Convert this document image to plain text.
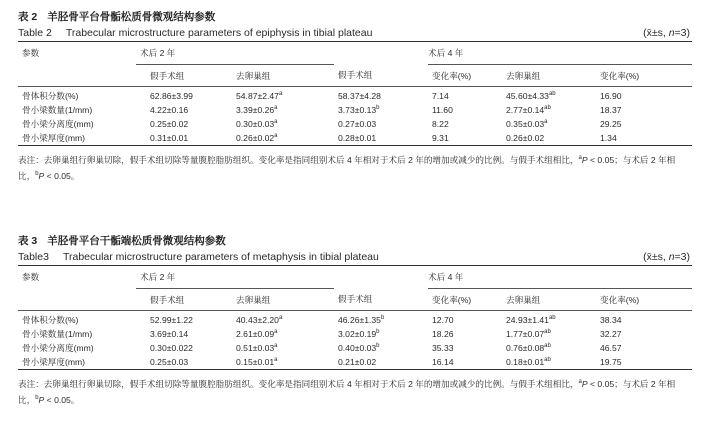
表 2 羊胫骨平台骨骺松质骨微观结构参数
Table 2 Trabecular microstructure parameters of epiphysis in tibial plateau	(x̄±s, n=3)
参数	术后 2 年			术后 4 年		
	假手术组	去卵巢组	假手术组	变化率(%)	去卵巢组	变化率(%)
骨体积分数(%)	62.86±3.99	54.87±2.47$^a$	58.37±4.28	7.14	45.60±4.33$^{ab}$	16.90
骨小梁数量(1/mm)	4.22±0.16	3.39±0.26$^a$	3.73±0.13$^b$	11.60	2.77±0.14$^{ab}$	18.37
骨小梁分离度(mm)	0.25±0.02	0.30±0.03$^a$	0.27±0.03	8.22	0.35±0.03$^a$	29.25
骨小梁厚度(mm)	0.31±0.01	0.26±0.02$^a$	0.28±0.01	9.31	0.26±0.02	1.34
表注：去卵巢组行卵巢切除，假手术组切除等量腹腔脂肪组织。变化率是指同组别术后 4 年相对于术后 2 年的增加或减少的比例。与假手术组相比，$^a$P < 0.05；与术后 2 年相比，$^b$P < 0.05。
表 3 羊胫骨平台干骺端松质骨微观结构参数
Table3 Trabecular microstructure parameters of metaphysis in tibial plateau	(x̄±s, n=3)
参数	术后 2 年			术后 4 年		
	假手术组	去卵巢组	假手术组	变化率(%)	去卵巢组	变化率(%)
骨体积分数(%)	52.99±1.22	40.43±2.20$^a$	46.26±1.35$^b$	12.70	24.93±1.41$^{ab}$	38.34
骨小梁数量(1/mm)	3.69±0.14	2.61±0.09$^a$	3.02±0.19$^b$	18.26	1.77±0.07$^{ab}$	32.27
骨小梁分离度(mm)	0.30±0.022	0.51±0.03$^a$	0.40±0.03$^b$	35.33	0.76±0.08$^{ab}$	46.57
骨小梁厚度(mm)	0.25±0.03	0.15±0.01$^a$	0.21±0.02	16.14	0.18±0.01$^{ab}$	19.75
表注：去卵巢组行卵巢切除，假手术组切除等量腹腔脂肪组织。变化率是指同组别术后 4 年相对于术后 2 年的增加或减少的比例。与假手术组相比，$^a$P < 0.05；与术后 2 年相比，$^b$P < 0.05。
